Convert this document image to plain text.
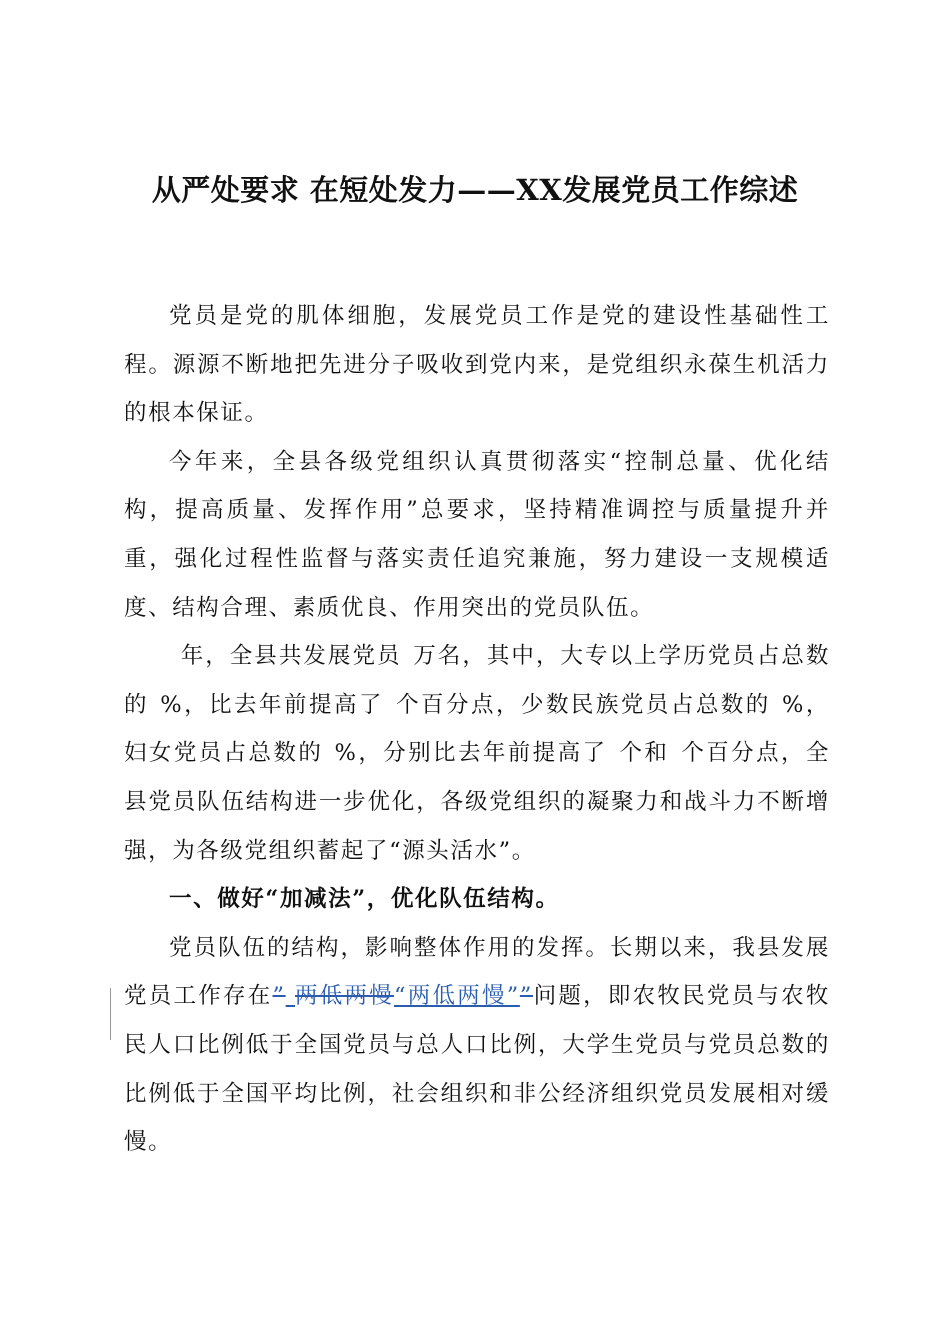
从严处要求 在短处发力——XX发展党员工作综述

党员是党的肌体细胞，发展党员工作是党的建设性基础性工程。源源不断地把先进分子吸收到党内来，是党组织永葆生机活力的根本保证。

今年来，全县各级党组织认真贯彻落实“控制总量、优化结构，提高质量、发挥作用”总要求，坚持精准调控与质量提升并重，强化过程性监督与落实责任追究兼施，努力建设一支规模适度、结构合理、素质优良、作用突出的党员队伍。

年，全县共发展党员 万名，其中，大专以上学历党员占总数的 %，比去年前提高了 个百分点，少数民族党员占总数的 %，妇女党员占总数的 %，分别比去年前提高了 个和 个百分点，全县党员队伍结构进一步优化，各级党组织的凝聚力和战斗力不断增强，为各级党组织蓄起了“源头活水”。

一、做好“加减法”，优化队伍结构。

党员队伍的结构，影响整体作用的发挥。长期以来，我县发展党员工作存在” 两低两慢“两低两慢””问题，即农牧民党员与农牧民人口比例低于全国党员与总人口比例，大学生党员与党员总数的比例低于全国平均比例，社会组织和非公经济组织党员发展相对缓慢。
